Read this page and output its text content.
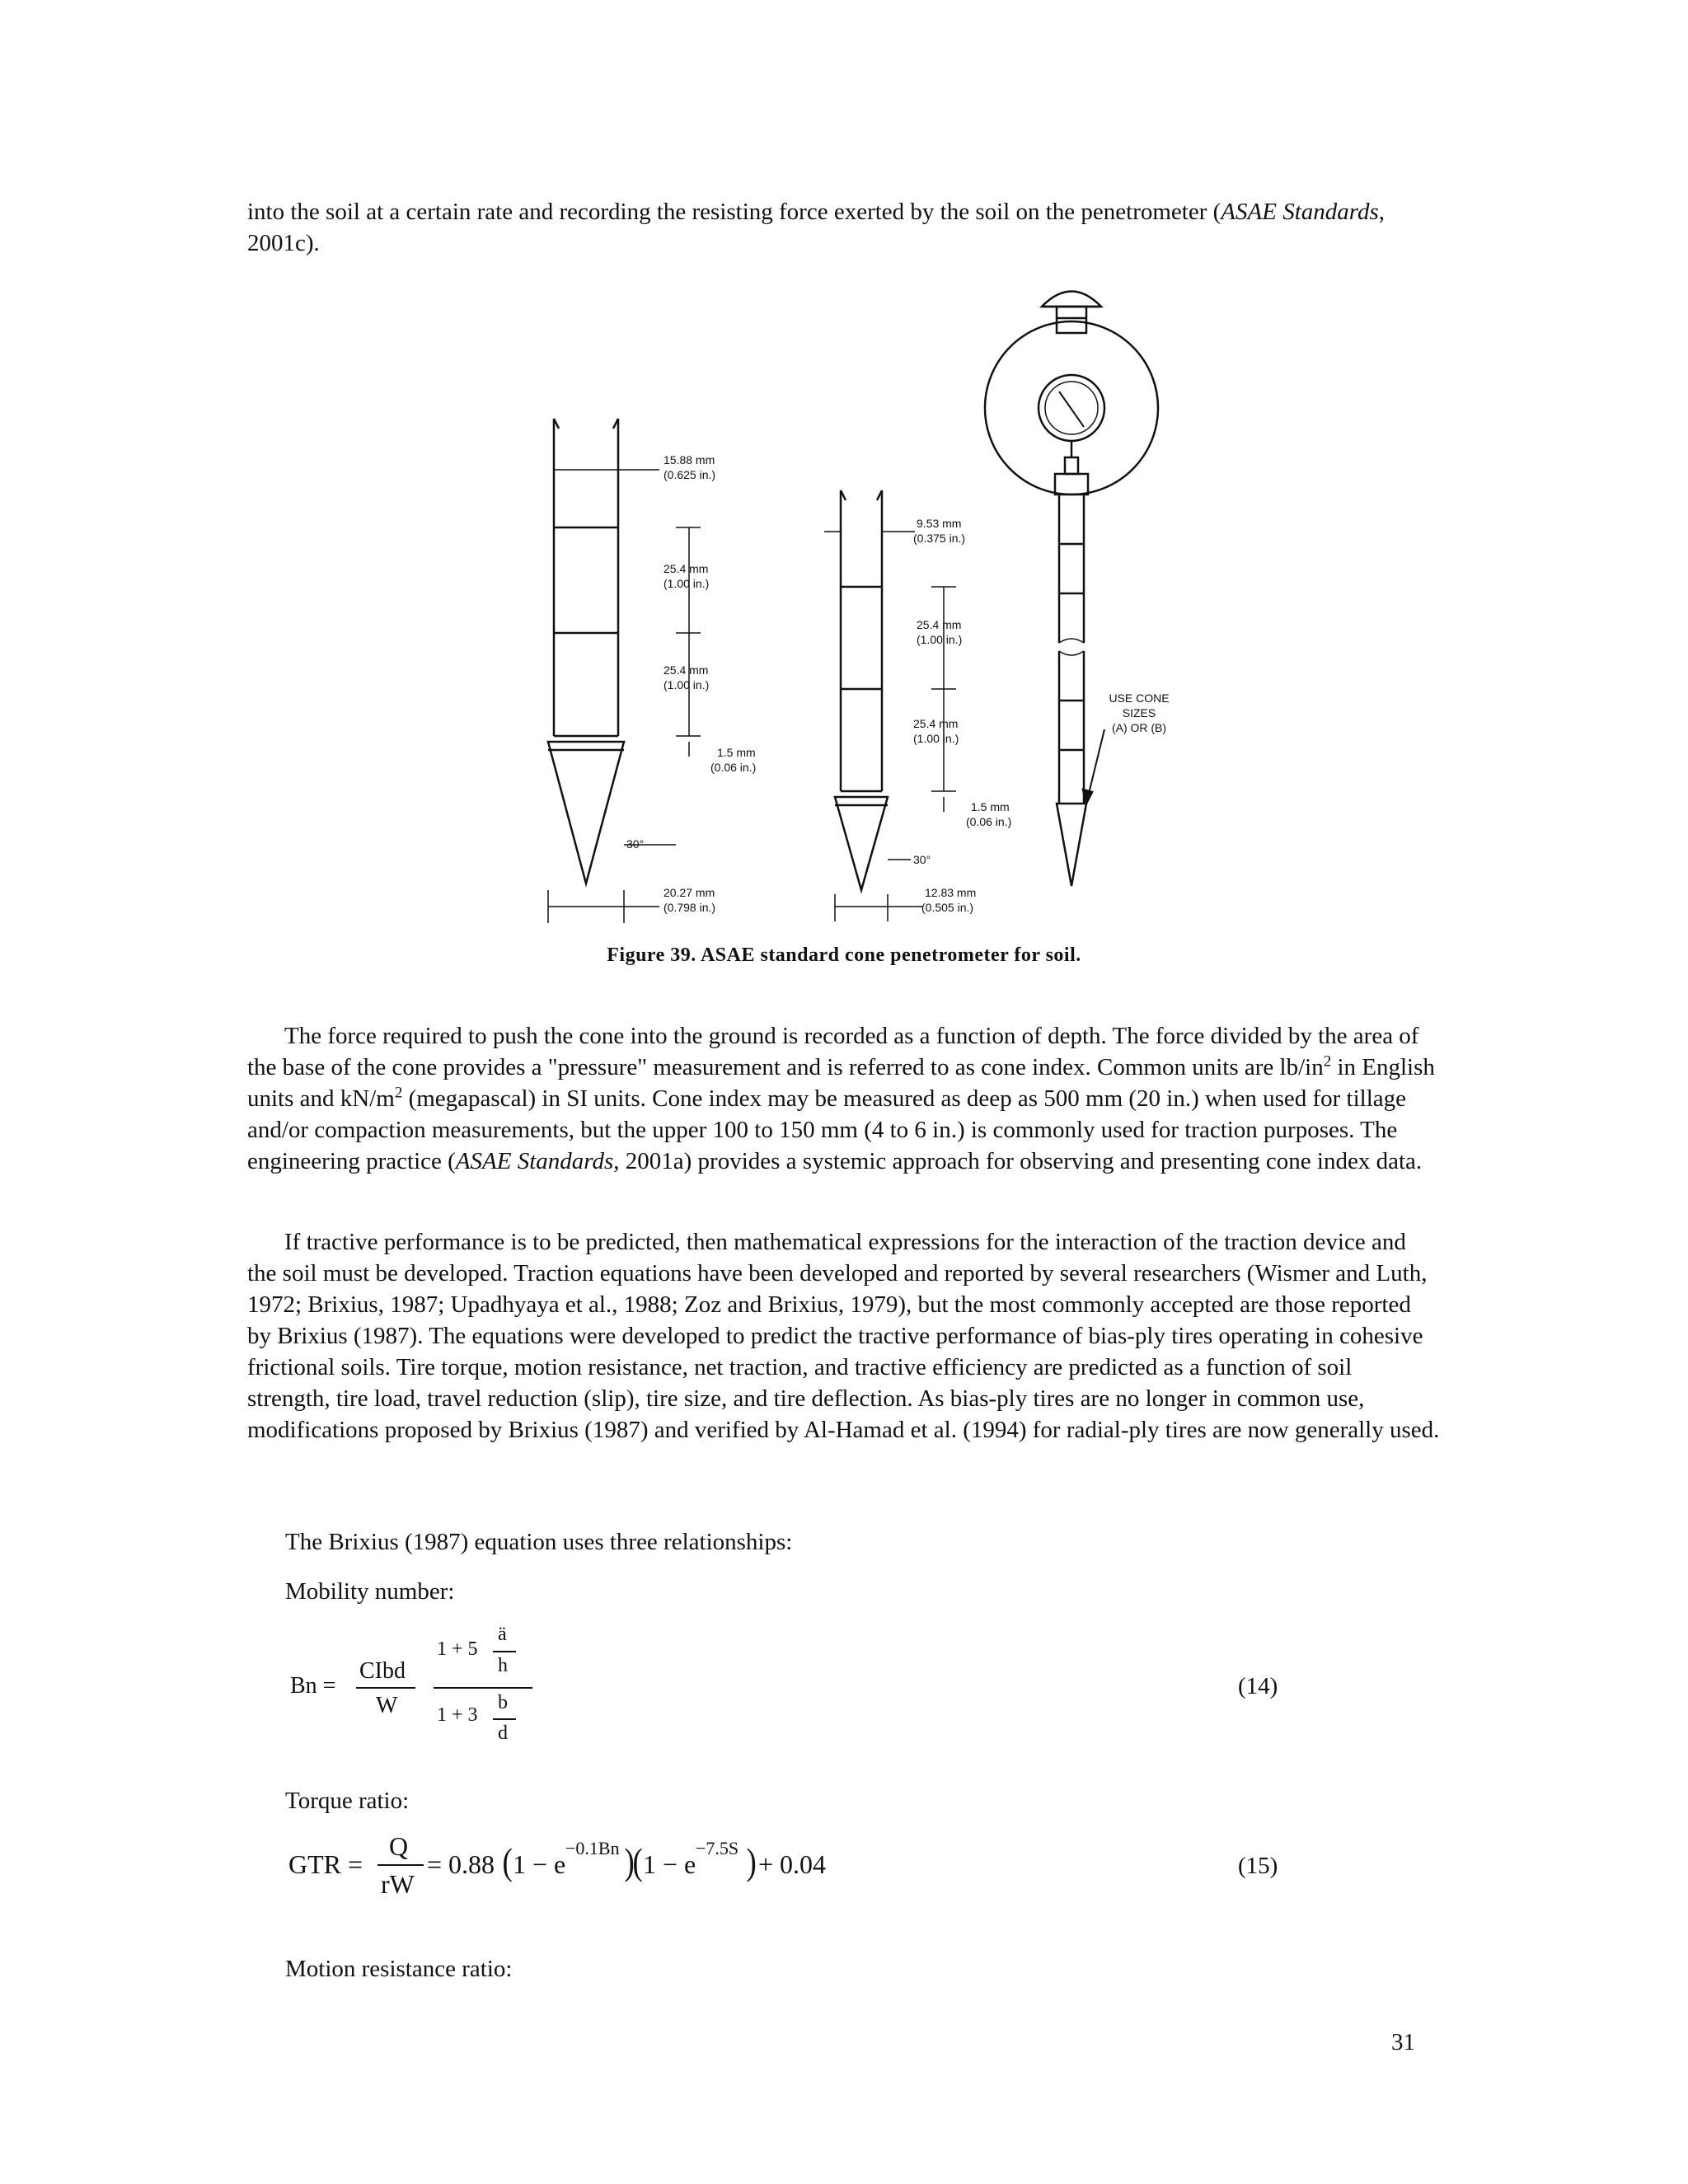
into the soil at a certain rate and recording the resisting force exerted by the soil on the penetrometer (ASAE Standards, 2001c).

15.88 mm
(0.625 in.)
25.4 mm
(1.00 in.)
25.4 mm
(1.00 in.)
1.5 mm
(0.06 in.)
30°
20.27 mm
(0.798 in.)
9.53 mm
(0.375 in.)
25.4 mm
(1.00 in.)
25.4 mm
(1.00 in.)
1.5 mm
(0.06 in.)
30°
12.83 mm
(0.505 in.)
USE CONE
SIZES
(A) OR (B)
Figure 39. ASAE standard cone penetrometer for soil.

The force required to push the cone into the ground is recorded as a function of depth. The force divided by the area of the base of the cone provides a "pressure" measurement and is referred to as cone index. Common units are $lb/in^2$ in English units and $kN/m^2$ (megapascal) in SI units. Cone index may be measured as deep as 500 mm (20 in.) when used for tillage and/or compaction measurements, but the upper 100 to 150 mm (4 to 6 in.) is commonly used for traction purposes. The engineering practice (ASAE Standards, 2001a) provides a systemic approach for observing and presenting cone index data.

If tractive performance is to be predicted, then mathematical expressions for the interaction of the traction device and the soil must be developed. Traction equations have been developed and reported by several researchers (Wismer and Luth, 1972; Brixius, 1987; Upadhyaya et al., 1988; Zoz and Brixius, 1979), but the most commonly accepted are those reported by Brixius (1987). The equations were developed to predict the tractive performance of bias-ply tires operating in cohesive frictional soils. Tire torque, motion resistance, net traction, and tractive efficiency are predicted as a function of soil strength, tire load, travel reduction (slip), tire size, and tire deflection. As bias-ply tires are no longer in common use, modifications proposed by Brixius (1987) and verified by Al-Hamad et al. (1994) for radial-ply tires are now generally used.

The Brixius (1987) equation uses three relationships:

Mobility number:

Bn =
CIbd
W
1 + 5
ä
h
1 + 3
b
d
(14)

Torque ratio:

GTR =
Q
rW
= 0.88 ( 1 − e
−0.1Bn )
( 1 − e
−7.5S ) + 0.04	(15)

Motion resistance ratio:

31
